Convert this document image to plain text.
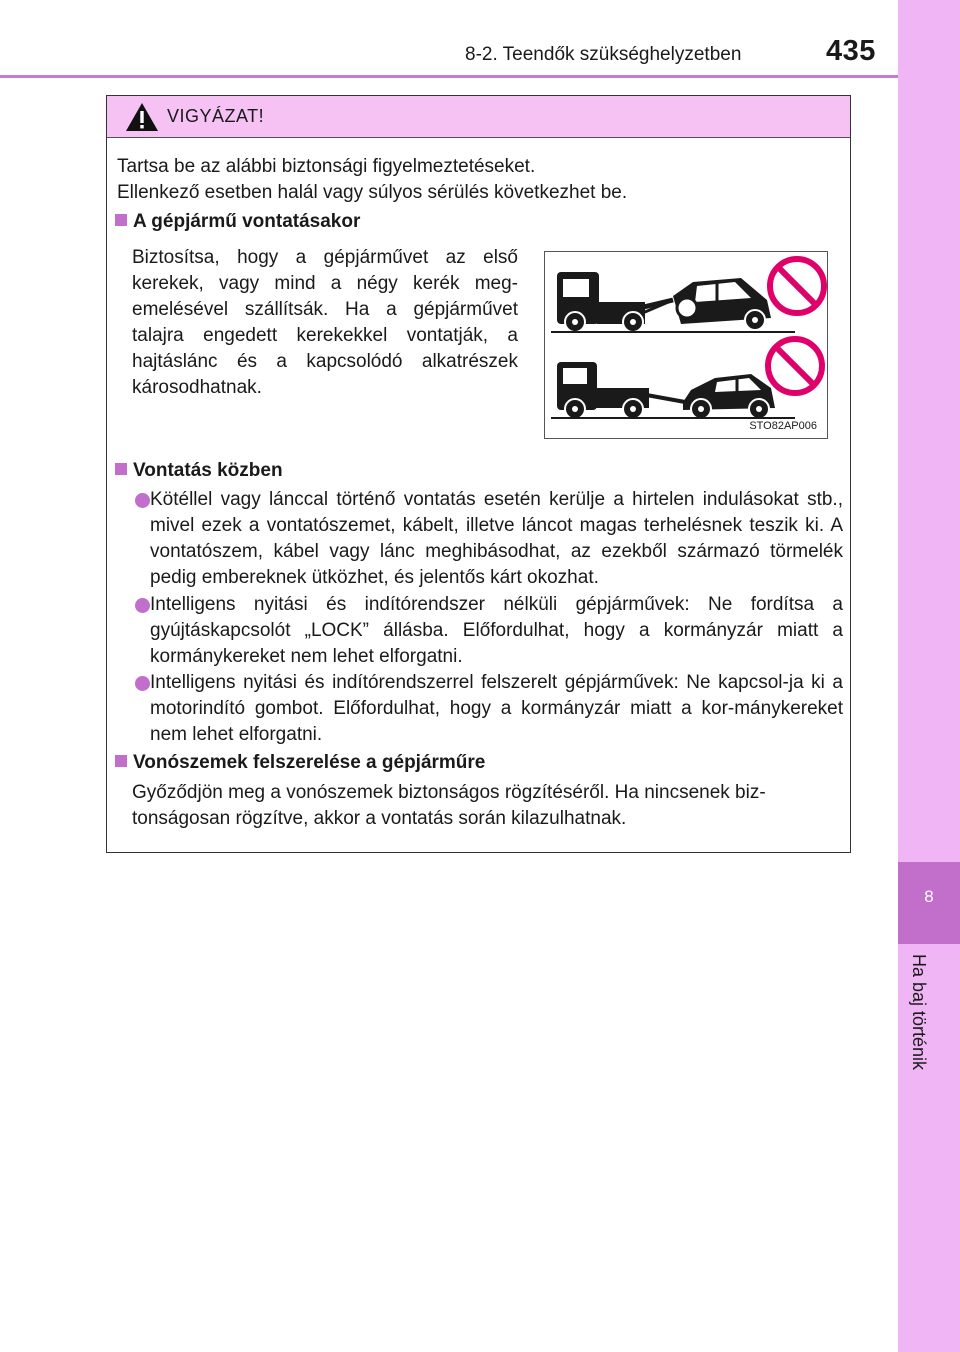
8-2. Teendők szükséghelyzetben	435
8
Ha baj történik
VIGYÁZAT!
Tartsa be az alábbi biztonsági figyelmeztetéseket.
Ellenkező esetben halál vagy súlyos sérülés következhet be.
A gépjármű vontatásakor
Biztosítsa, hogy a gépjárművet az első kerekek, vagy mind a négy kerék meg-emelésével szállítsák. Ha a gépjárművet talajra engedett kerekekkel vontatják, a hajtáslánc és a kapcsolódó alkatrészek károsodhatnak.
Vontatás közben
Kötéllel vagy lánccal történő vontatás esetén kerülje a hirtelen indulásokat stb., mivel ezek a vontatószemet, kábelt, illetve láncot magas terhelésnek teszik ki. A vontatószem, kábel vagy lánc meghibásodhat, az ezekből származó törmelék pedig embereknek ütközhet, és jelentős kárt okozhat.
Intelligens nyitási és indítórendszer nélküli gépjárművek: Ne fordítsa a gyújtáskapcsolót „LOCK” állásba. Előfordulhat, hogy a kormányzár miatt a kormánykereket nem lehet elforgatni.
Intelligens nyitási és indítórendszerrel felszerelt gépjárművek: Ne kapcsol-ja ki a motorindító gombot. Előfordulhat, hogy a kormányzár miatt a kor-mánykereket nem lehet elforgatni.
Vonószemek felszerelése a gépjárműre
Győződjön meg a vonószemek biztonságos rögzítéséről. Ha nincsenek biz-tonságosan rögzítve, akkor a vontatás során kilazulhatnak.
STO82AP006
